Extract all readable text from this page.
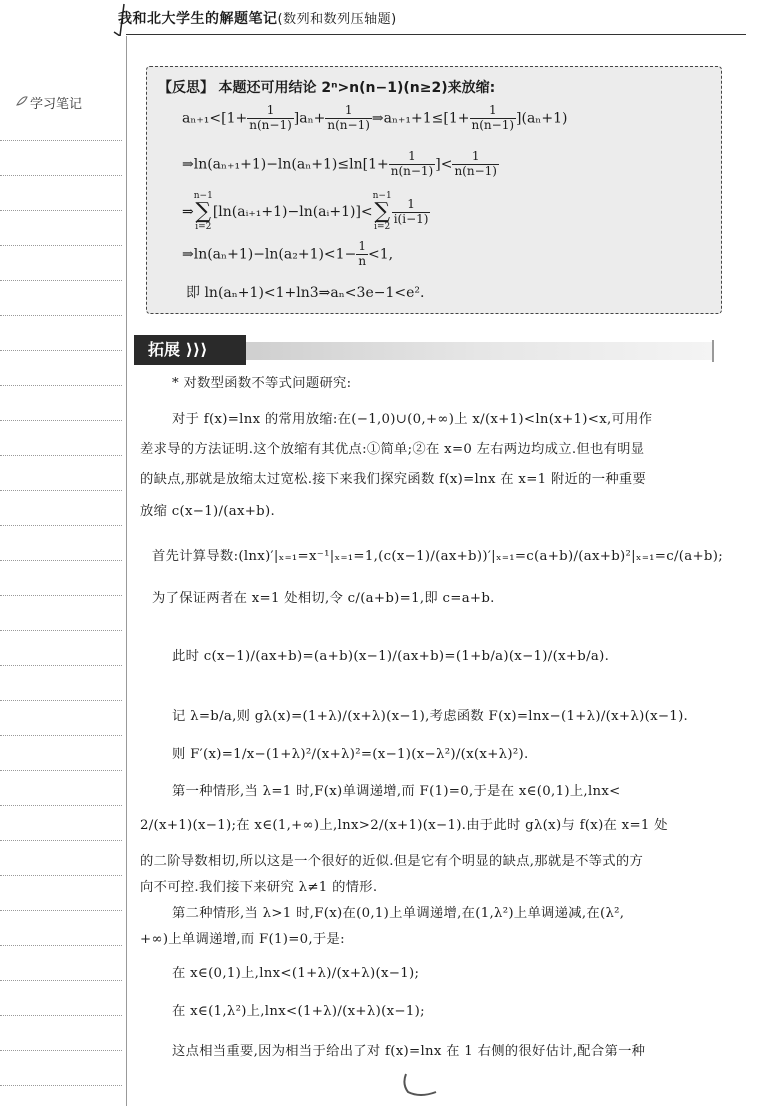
我和北大学生的解题笔记(数列和数列压轴题)
学习笔记
【反思】 本题还可用结论 2ⁿ>n(n−1)(n≥2)来放缩:
$a_{n+1}<[1+ \frac{1}{n(n-1)} ]a_n+ \frac{1}{n(n-1)}$ ⇒aₙ₊₁+1≤[1+ $\frac{1}{n(n-1)} ](a_n+1)$
⇒ln(aₙ₊₁+1)−ln(aₙ+1)≤ln[1+ $\frac{1}{n(n-1)}$ ]< $\frac{1}{n(n-1)}$
⇒n−1
∑
i=2[ln(aᵢ₊₁+1)−ln(aᵢ+1)]<n−1
∑
i=2
$\frac{1}{i(i-1)}$
⇒ln(aₙ+1)−ln(a₂+1)<1− $\frac{1}{n} <1$,
即 ln(aₙ+1)<1+ln3⇒aₙ<3e−1<e².
拓展 ⟩⟩⟩
* 对数型函数不等式问题研究:
对于 f(x)=lnx 的常用放缩:在(−1,0)∪(0,+∞)上 x/(x+1)<ln(x+1)<x,可用作
差求导的方法证明.这个放缩有其优点:①简单;②在 x=0 左右两边均成立.但也有明显
的缺点,那就是放缩太过宽松.接下来我们探究函数 f(x)=lnx 在 x=1 附近的一种重要
放缩 c(x−1)/(ax+b).
首先计算导数:(lnx)′|ₓ₌₁=x⁻¹|ₓ₌₁=1,(c(x−1)/(ax+b))′|ₓ₌₁=c(a+b)/(ax+b)²|ₓ₌₁=c/(a+b);
为了保证两者在 x=1 处相切,令 c/(a+b)=1,即 c=a+b.
此时 c(x−1)/(ax+b)=(a+b)(x−1)/(ax+b)=(1+b/a)(x−1)/(x+b/a).
记 λ=b/a,则 gλ(x)=(1+λ)/(x+λ)(x−1),考虑函数 F(x)=lnx−(1+λ)/(x+λ)(x−1).
则 F′(x)=1/x−(1+λ)²/(x+λ)²=(x−1)(x−λ²)/(x(x+λ)²).
第一种情形,当 λ=1 时,F(x)单调递增,而 F(1)=0,于是在 x∈(0,1)上,lnx<
2/(x+1)(x−1);在 x∈(1,+∞)上,lnx>2/(x+1)(x−1).由于此时 gλ(x)与 f(x)在 x=1 处
的二阶导数相切,所以这是一个很好的近似.但是它有个明显的缺点,那就是不等式的方
向不可控.我们接下来研究 λ≠1 的情形.
第二种情形,当 λ>1 时,F(x)在(0,1)上单调递增,在(1,λ²)上单调递减,在(λ²,
+∞)上单调递增,而 F(1)=0,于是:
在 x∈(0,1)上,lnx<(1+λ)/(x+λ)(x−1);
在 x∈(1,λ²)上,lnx<(1+λ)/(x+λ)(x−1);
这点相当重要,因为相当于给出了对 f(x)=lnx 在 1 右侧的很好估计,配合第一种
